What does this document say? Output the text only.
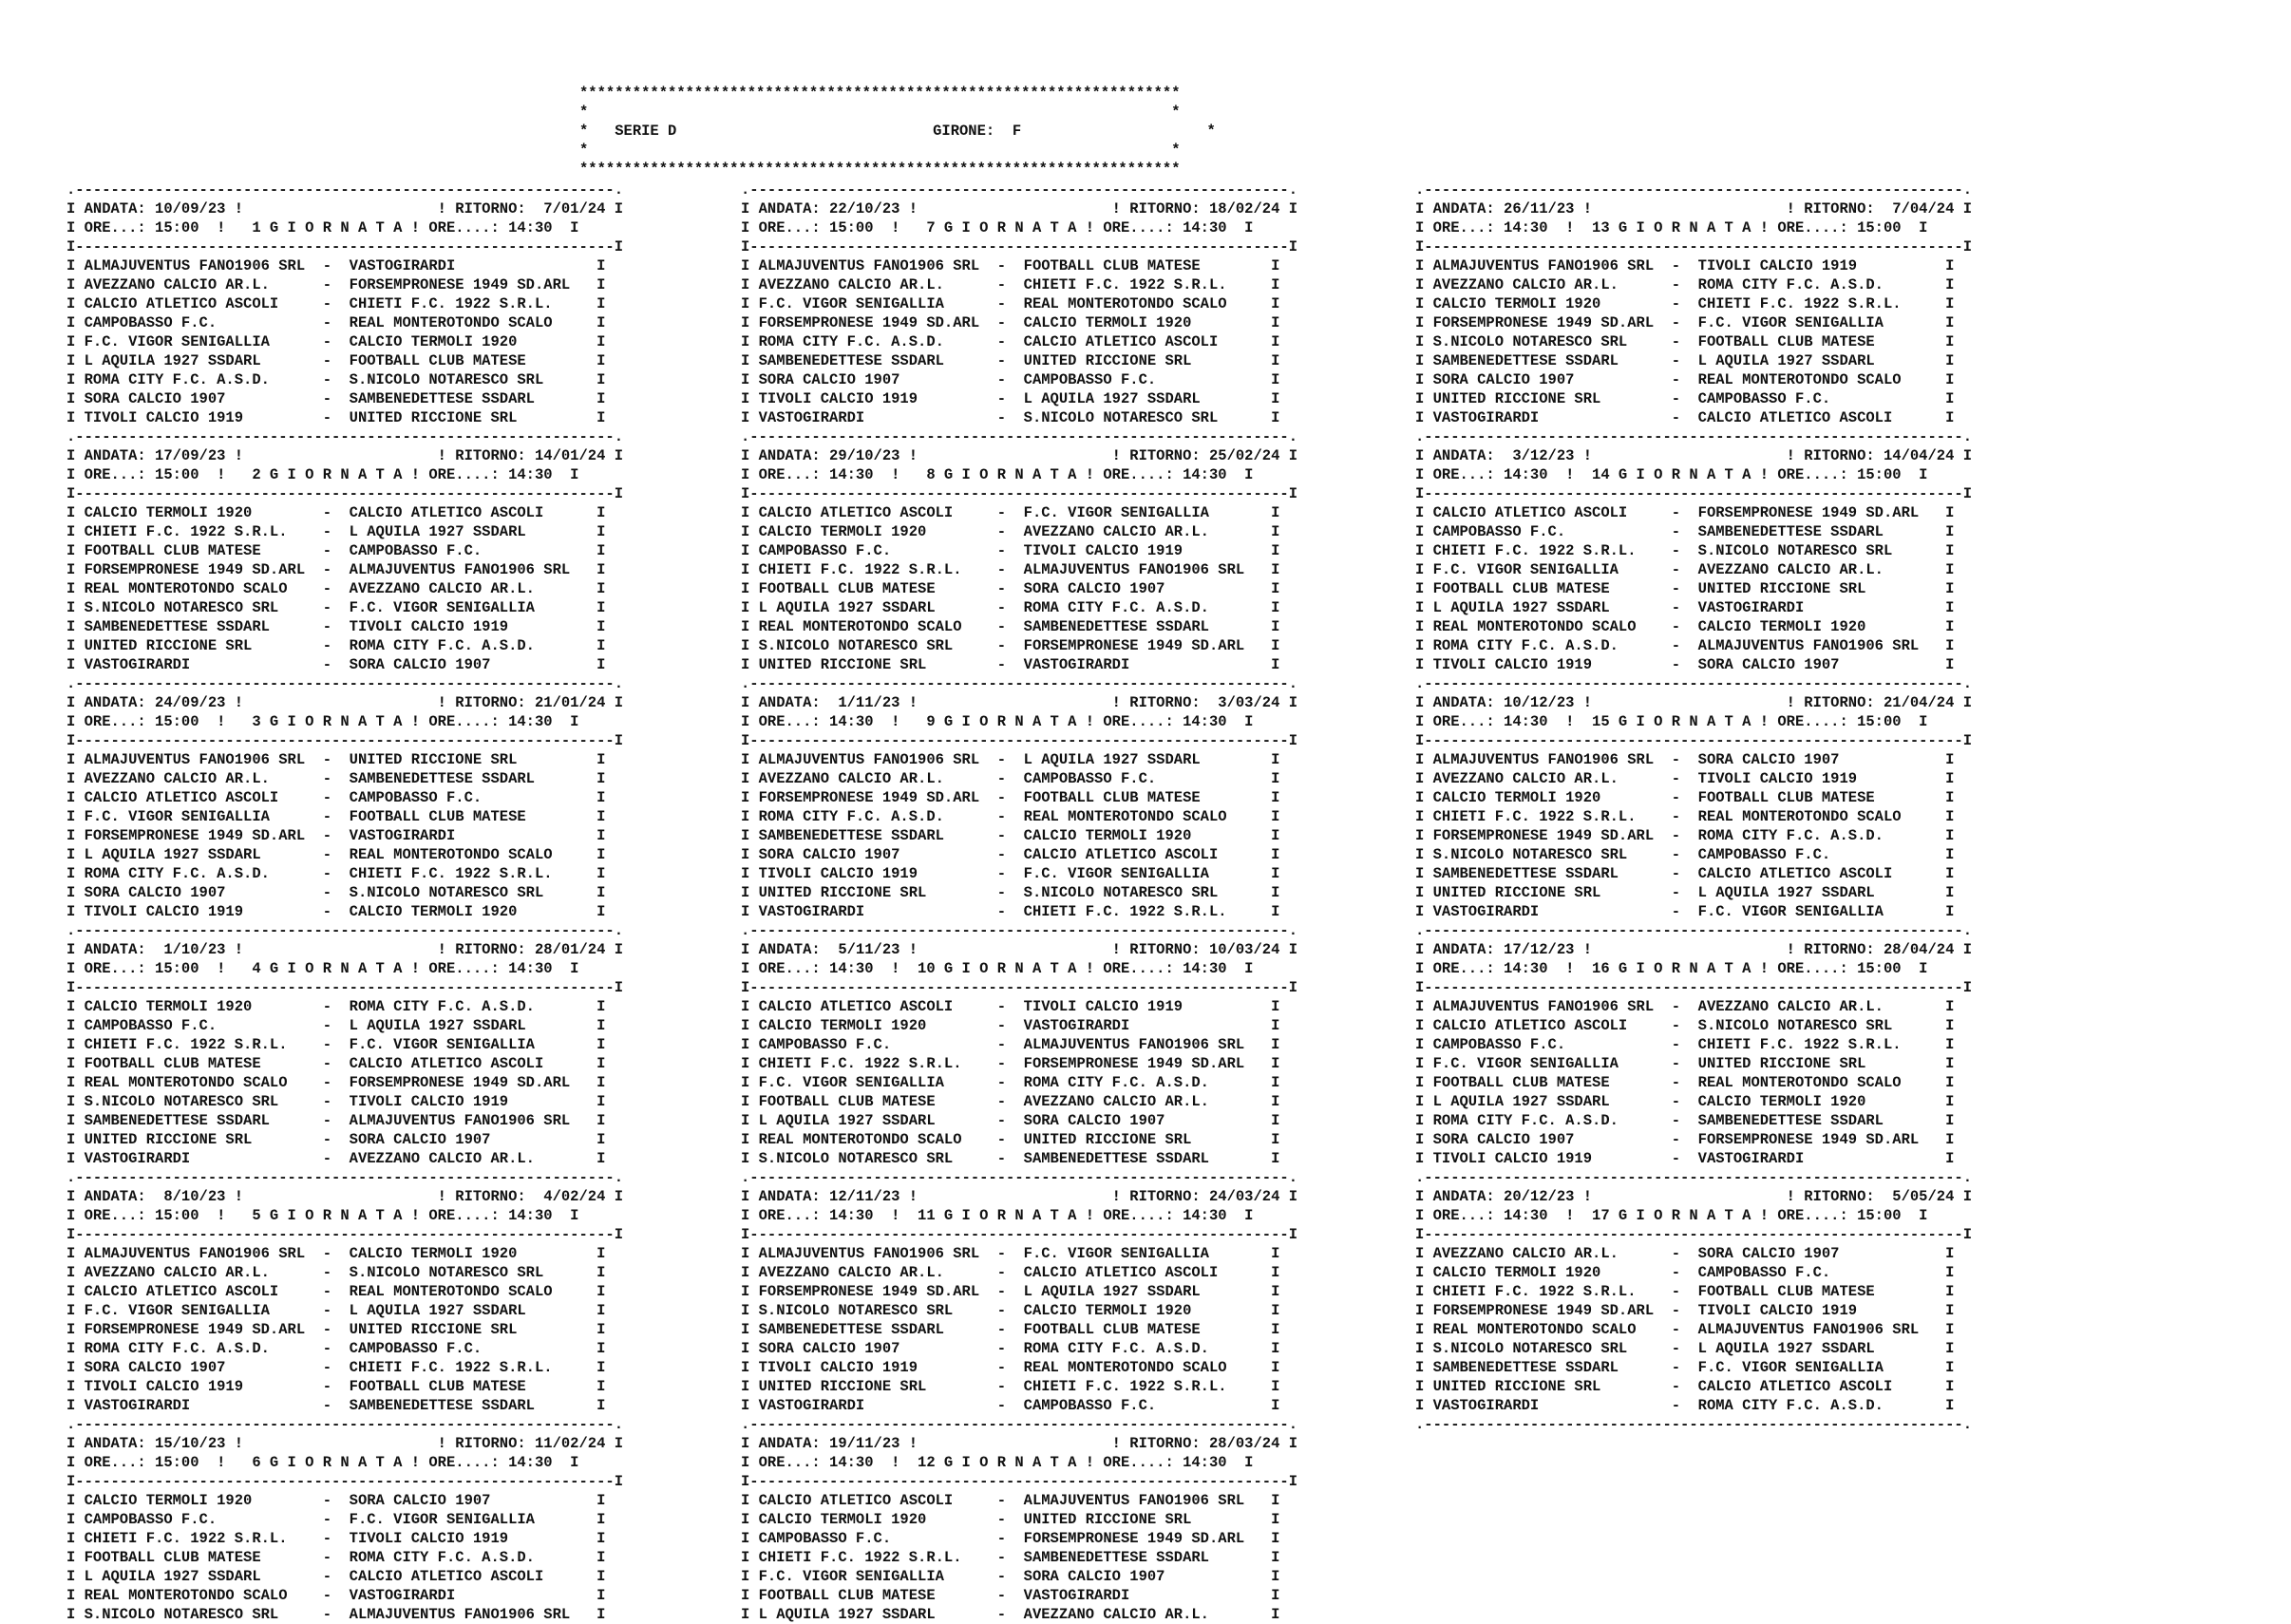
********************************************************************
*                                                                  *
*   SERIE D	GIRONE: F                     *
*                                                                  *
********************************************************************
.-------------------------------------------------------------.
I ANDATA: 10/09/23 !                      ! RITORNO:  7/01/24 I
I ORE...: 15:00  !   1 G I O R N A T A ! ORE....: 14:30  I
I-------------------------------------------------------------I
I ALMAJUVENTUS FANO1906 SRL  -  VASTOGIRARDI                I
I AVEZZANO CALCIO AR.L.      -  FORSEMPRONESE 1949 SD.ARL   I
I CALCIO ATLETICO ASCOLI     -  CHIETI F.C. 1922 S.R.L.     I
I CAMPOBASSO F.C.            -  REAL MONTEROTONDO SCALO     I
I F.C. VIGOR SENIGALLIA      -  CALCIO TERMOLI 1920         I
I L AQUILA 1927 SSDARL       -  FOOTBALL CLUB MATESE        I
I ROMA CITY F.C. A.S.D.      -  S.NICOLO NOTARESCO SRL      I
I SORA CALCIO 1907           -  SAMBENEDETTESE SSDARL       I
I TIVOLI CALCIO 1919         -  UNITED RICCIONE SRL         I
.-------------------------------------------------------------.
I ANDATA: 17/09/23 !                      ! RITORNO: 14/01/24 I
I ORE...: 15:00  !   2 G I O R N A T A ! ORE....: 14:30  I
I-------------------------------------------------------------I
I CALCIO TERMOLI 1920        -  CALCIO ATLETICO ASCOLI      I
I CHIETI F.C. 1922 S.R.L.    -  L AQUILA 1927 SSDARL        I
I FOOTBALL CLUB MATESE       -  CAMPOBASSO F.C.             I
I FORSEMPRONESE 1949 SD.ARL  -  ALMAJUVENTUS FANO1906 SRL   I
I REAL MONTEROTONDO SCALO    -  AVEZZANO CALCIO AR.L.       I
I S.NICOLO NOTARESCO SRL     -  F.C. VIGOR SENIGALLIA       I
I SAMBENEDETTESE SSDARL      -  TIVOLI CALCIO 1919          I
I UNITED RICCIONE SRL        -  ROMA CITY F.C. A.S.D.       I
I VASTOGIRARDI               -  SORA CALCIO 1907            I
.-------------------------------------------------------------.
I ANDATA: 24/09/23 !                      ! RITORNO: 21/01/24 I
I ORE...: 15:00  !   3 G I O R N A T A ! ORE....: 14:30  I
I-------------------------------------------------------------I
I ALMAJUVENTUS FANO1906 SRL  -  UNITED RICCIONE SRL         I
I AVEZZANO CALCIO AR.L.      -  SAMBENEDETTESE SSDARL       I
I CALCIO ATLETICO ASCOLI     -  CAMPOBASSO F.C.             I
I F.C. VIGOR SENIGALLIA      -  FOOTBALL CLUB MATESE        I
I FORSEMPRONESE 1949 SD.ARL  -  VASTOGIRARDI                I
I L AQUILA 1927 SSDARL       -  REAL MONTEROTONDO SCALO     I
I ROMA CITY F.C. A.S.D.      -  CHIETI F.C. 1922 S.R.L.     I
I SORA CALCIO 1907           -  S.NICOLO NOTARESCO SRL      I
I TIVOLI CALCIO 1919         -  CALCIO TERMOLI 1920         I
.-------------------------------------------------------------.
I ANDATA:  1/10/23 !                      ! RITORNO: 28/01/24 I
I ORE...: 15:00  !   4 G I O R N A T A ! ORE....: 14:30  I
I-------------------------------------------------------------I
I CALCIO TERMOLI 1920        -  ROMA CITY F.C. A.S.D.       I
I CAMPOBASSO F.C.            -  L AQUILA 1927 SSDARL        I
I CHIETI F.C. 1922 S.R.L.    -  F.C. VIGOR SENIGALLIA       I
I FOOTBALL CLUB MATESE       -  CALCIO ATLETICO ASCOLI      I
I REAL MONTEROTONDO SCALO    -  FORSEMPRONESE 1949 SD.ARL   I
I S.NICOLO NOTARESCO SRL     -  TIVOLI CALCIO 1919          I
I SAMBENEDETTESE SSDARL      -  ALMAJUVENTUS FANO1906 SRL   I
I UNITED RICCIONE SRL        -  SORA CALCIO 1907            I
I VASTOGIRARDI               -  AVEZZANO CALCIO AR.L.       I
.-------------------------------------------------------------.
I ANDATA:  8/10/23 !                      ! RITORNO:  4/02/24 I
I ORE...: 15:00  !   5 G I O R N A T A ! ORE....: 14:30  I
I-------------------------------------------------------------I
I ALMAJUVENTUS FANO1906 SRL  -  CALCIO TERMOLI 1920         I
I AVEZZANO CALCIO AR.L.      -  S.NICOLO NOTARESCO SRL      I
I CALCIO ATLETICO ASCOLI     -  REAL MONTEROTONDO SCALO     I
I F.C. VIGOR SENIGALLIA      -  L AQUILA 1927 SSDARL        I
I FORSEMPRONESE 1949 SD.ARL  -  UNITED RICCIONE SRL         I
I ROMA CITY F.C. A.S.D.      -  CAMPOBASSO F.C.             I
I SORA CALCIO 1907           -  CHIETI F.C. 1922 S.R.L.     I
I TIVOLI CALCIO 1919         -  FOOTBALL CLUB MATESE        I
I VASTOGIRARDI               -  SAMBENEDETTESE SSDARL       I
.-------------------------------------------------------------.
I ANDATA: 15/10/23 !                      ! RITORNO: 11/02/24 I
I ORE...: 15:00  !   6 G I O R N A T A ! ORE....: 14:30  I
I-------------------------------------------------------------I
I CALCIO TERMOLI 1920        -  SORA CALCIO 1907            I
I CAMPOBASSO F.C.            -  F.C. VIGOR SENIGALLIA       I
I CHIETI F.C. 1922 S.R.L.    -  TIVOLI CALCIO 1919          I
I FOOTBALL CLUB MATESE       -  ROMA CITY F.C. A.S.D.       I
I L AQUILA 1927 SSDARL       -  CALCIO ATLETICO ASCOLI      I
I REAL MONTEROTONDO SCALO    -  VASTOGIRARDI                I
I S.NICOLO NOTARESCO SRL     -  ALMAJUVENTUS FANO1906 SRL   I
.-------------------------------------------------------------.
I ANDATA: 22/10/23 !                      ! RITORNO: 18/02/24 I
I ORE...: 15:00  !   7 G I O R N A T A ! ORE....: 14:30  I
I-------------------------------------------------------------I
I ALMAJUVENTUS FANO1906 SRL  -  FOOTBALL CLUB MATESE        I
I AVEZZANO CALCIO AR.L.      -  CHIETI F.C. 1922 S.R.L.     I
I F.C. VIGOR SENIGALLIA      -  REAL MONTEROTONDO SCALO     I
I FORSEMPRONESE 1949 SD.ARL  -  CALCIO TERMOLI 1920         I
I ROMA CITY F.C. A.S.D.      -  CALCIO ATLETICO ASCOLI      I
I SAMBENEDETTESE SSDARL      -  UNITED RICCIONE SRL         I
I SORA CALCIO 1907           -  CAMPOBASSO F.C.             I
I TIVOLI CALCIO 1919         -  L AQUILA 1927 SSDARL        I
I VASTOGIRARDI               -  S.NICOLO NOTARESCO SRL      I
.-------------------------------------------------------------.
I ANDATA: 29/10/23 !                      ! RITORNO: 25/02/24 I
I ORE...: 14:30  !   8 G I O R N A T A ! ORE....: 14:30  I
I-------------------------------------------------------------I
I CALCIO ATLETICO ASCOLI     -  F.C. VIGOR SENIGALLIA       I
I CALCIO TERMOLI 1920        -  AVEZZANO CALCIO AR.L.       I
I CAMPOBASSO F.C.            -  TIVOLI CALCIO 1919          I
I CHIETI F.C. 1922 S.R.L.    -  ALMAJUVENTUS FANO1906 SRL   I
I FOOTBALL CLUB MATESE       -  SORA CALCIO 1907            I
I L AQUILA 1927 SSDARL       -  ROMA CITY F.C. A.S.D.       I
I REAL MONTEROTONDO SCALO    -  SAMBENEDETTESE SSDARL       I
I S.NICOLO NOTARESCO SRL     -  FORSEMPRONESE 1949 SD.ARL   I
I UNITED RICCIONE SRL        -  VASTOGIRARDI                I
.-------------------------------------------------------------.
I ANDATA:  1/11/23 !                      ! RITORNO:  3/03/24 I
I ORE...: 14:30  !   9 G I O R N A T A ! ORE....: 14:30  I
I-------------------------------------------------------------I
I ALMAJUVENTUS FANO1906 SRL  -  L AQUILA 1927 SSDARL        I
I AVEZZANO CALCIO AR.L.      -  CAMPOBASSO F.C.             I
I FORSEMPRONESE 1949 SD.ARL  -  FOOTBALL CLUB MATESE        I
I ROMA CITY F.C. A.S.D.      -  REAL MONTEROTONDO SCALO     I
I SAMBENEDETTESE SSDARL      -  CALCIO TERMOLI 1920         I
I SORA CALCIO 1907           -  CALCIO ATLETICO ASCOLI      I
I TIVOLI CALCIO 1919         -  F.C. VIGOR SENIGALLIA       I
I UNITED RICCIONE SRL        -  S.NICOLO NOTARESCO SRL      I
I VASTOGIRARDI               -  CHIETI F.C. 1922 S.R.L.     I
.-------------------------------------------------------------.
I ANDATA:  5/11/23 !                      ! RITORNO: 10/03/24 I
I ORE...: 14:30  !  10 G I O R N A T A ! ORE....: 14:30  I
I-------------------------------------------------------------I
I CALCIO ATLETICO ASCOLI     -  TIVOLI CALCIO 1919          I
I CALCIO TERMOLI 1920        -  VASTOGIRARDI                I
I CAMPOBASSO F.C.            -  ALMAJUVENTUS FANO1906 SRL   I
I CHIETI F.C. 1922 S.R.L.    -  FORSEMPRONESE 1949 SD.ARL   I
I F.C. VIGOR SENIGALLIA      -  ROMA CITY F.C. A.S.D.       I
I FOOTBALL CLUB MATESE       -  AVEZZANO CALCIO AR.L.       I
I L AQUILA 1927 SSDARL       -  SORA CALCIO 1907            I
I REAL MONTEROTONDO SCALO    -  UNITED RICCIONE SRL         I
I S.NICOLO NOTARESCO SRL     -  SAMBENEDETTESE SSDARL       I
.-------------------------------------------------------------.
I ANDATA: 12/11/23 !                      ! RITORNO: 24/03/24 I
I ORE...: 14:30  !  11 G I O R N A T A ! ORE....: 14:30  I
I-------------------------------------------------------------I
I ALMAJUVENTUS FANO1906 SRL  -  F.C. VIGOR SENIGALLIA       I
I AVEZZANO CALCIO AR.L.      -  CALCIO ATLETICO ASCOLI      I
I FORSEMPRONESE 1949 SD.ARL  -  L AQUILA 1927 SSDARL        I
I S.NICOLO NOTARESCO SRL     -  CALCIO TERMOLI 1920         I
I SAMBENEDETTESE SSDARL      -  FOOTBALL CLUB MATESE        I
I SORA CALCIO 1907           -  ROMA CITY F.C. A.S.D.       I
I TIVOLI CALCIO 1919         -  REAL MONTEROTONDO SCALO     I
I UNITED RICCIONE SRL        -  CHIETI F.C. 1922 S.R.L.     I
I VASTOGIRARDI               -  CAMPOBASSO F.C.             I
.-------------------------------------------------------------.
I ANDATA: 19/11/23 !                      ! RITORNO: 28/03/24 I
I ORE...: 14:30  !  12 G I O R N A T A ! ORE....: 14:30  I
I-------------------------------------------------------------I
I CALCIO ATLETICO ASCOLI     -  ALMAJUVENTUS FANO1906 SRL   I
I CALCIO TERMOLI 1920        -  UNITED RICCIONE SRL         I
I CAMPOBASSO F.C.            -  FORSEMPRONESE 1949 SD.ARL   I
I CHIETI F.C. 1922 S.R.L.    -  SAMBENEDETTESE SSDARL       I
I F.C. VIGOR SENIGALLIA      -  SORA CALCIO 1907            I
I FOOTBALL CLUB MATESE       -  VASTOGIRARDI                I
I L AQUILA 1927 SSDARL       -  AVEZZANO CALCIO AR.L.       I
.-------------------------------------------------------------.
I ANDATA: 26/11/23 !                      ! RITORNO:  7/04/24 I
I ORE...: 14:30  !  13 G I O R N A T A ! ORE....: 15:00  I
I-------------------------------------------------------------I
I ALMAJUVENTUS FANO1906 SRL  -  TIVOLI CALCIO 1919          I
I AVEZZANO CALCIO AR.L.      -  ROMA CITY F.C. A.S.D.       I
I CALCIO TERMOLI 1920        -  CHIETI F.C. 1922 S.R.L.     I
I FORSEMPRONESE 1949 SD.ARL  -  F.C. VIGOR SENIGALLIA       I
I S.NICOLO NOTARESCO SRL     -  FOOTBALL CLUB MATESE        I
I SAMBENEDETTESE SSDARL      -  L AQUILA 1927 SSDARL        I
I SORA CALCIO 1907           -  REAL MONTEROTONDO SCALO     I
I UNITED RICCIONE SRL        -  CAMPOBASSO F.C.             I
I VASTOGIRARDI               -  CALCIO ATLETICO ASCOLI      I
.-------------------------------------------------------------.
I ANDATA:  3/12/23 !                      ! RITORNO: 14/04/24 I
I ORE...: 14:30  !  14 G I O R N A T A ! ORE....: 15:00  I
I-------------------------------------------------------------I
I CALCIO ATLETICO ASCOLI     -  FORSEMPRONESE 1949 SD.ARL   I
I CAMPOBASSO F.C.            -  SAMBENEDETTESE SSDARL       I
I CHIETI F.C. 1922 S.R.L.    -  S.NICOLO NOTARESCO SRL      I
I F.C. VIGOR SENIGALLIA      -  AVEZZANO CALCIO AR.L.       I
I FOOTBALL CLUB MATESE       -  UNITED RICCIONE SRL         I
I L AQUILA 1927 SSDARL       -  VASTOGIRARDI                I
I REAL MONTEROTONDO SCALO    -  CALCIO TERMOLI 1920         I
I ROMA CITY F.C. A.S.D.      -  ALMAJUVENTUS FANO1906 SRL   I
I TIVOLI CALCIO 1919         -  SORA CALCIO 1907            I
.-------------------------------------------------------------.
I ANDATA: 10/12/23 !                      ! RITORNO: 21/04/24 I
I ORE...: 14:30  !  15 G I O R N A T A ! ORE....: 15:00  I
I-------------------------------------------------------------I
I ALMAJUVENTUS FANO1906 SRL  -  SORA CALCIO 1907            I
I AVEZZANO CALCIO AR.L.      -  TIVOLI CALCIO 1919          I
I CALCIO TERMOLI 1920        -  FOOTBALL CLUB MATESE        I
I CHIETI F.C. 1922 S.R.L.    -  REAL MONTEROTONDO SCALO     I
I FORSEMPRONESE 1949 SD.ARL  -  ROMA CITY F.C. A.S.D.       I
I S.NICOLO NOTARESCO SRL     -  CAMPOBASSO F.C.             I
I SAMBENEDETTESE SSDARL      -  CALCIO ATLETICO ASCOLI      I
I UNITED RICCIONE SRL        -  L AQUILA 1927 SSDARL        I
I VASTOGIRARDI               -  F.C. VIGOR SENIGALLIA       I
.-------------------------------------------------------------.
I ANDATA: 17/12/23 !                      ! RITORNO: 28/04/24 I
I ORE...: 14:30  !  16 G I O R N A T A ! ORE....: 15:00  I
I-------------------------------------------------------------I
I ALMAJUVENTUS FANO1906 SRL  -  AVEZZANO CALCIO AR.L.       I
I CALCIO ATLETICO ASCOLI     -  S.NICOLO NOTARESCO SRL      I
I CAMPOBASSO F.C.            -  CHIETI F.C. 1922 S.R.L.     I
I F.C. VIGOR SENIGALLIA      -  UNITED RICCIONE SRL         I
I FOOTBALL CLUB MATESE       -  REAL MONTEROTONDO SCALO     I
I L AQUILA 1927 SSDARL       -  CALCIO TERMOLI 1920         I
I ROMA CITY F.C. A.S.D.      -  SAMBENEDETTESE SSDARL       I
I SORA CALCIO 1907           -  FORSEMPRONESE 1949 SD.ARL   I
I TIVOLI CALCIO 1919         -  VASTOGIRARDI                I
.-------------------------------------------------------------.
I ANDATA: 20/12/23 !                      ! RITORNO:  5/05/24 I
I ORE...: 14:30  !  17 G I O R N A T A ! ORE....: 15:00  I
I-------------------------------------------------------------I
I AVEZZANO CALCIO AR.L.      -  SORA CALCIO 1907            I
I CALCIO TERMOLI 1920        -  CAMPOBASSO F.C.             I
I CHIETI F.C. 1922 S.R.L.    -  FOOTBALL CLUB MATESE        I
I FORSEMPRONESE 1949 SD.ARL  -  TIVOLI CALCIO 1919          I
I REAL MONTEROTONDO SCALO    -  ALMAJUVENTUS FANO1906 SRL   I
I S.NICOLO NOTARESCO SRL     -  L AQUILA 1927 SSDARL        I
I SAMBENEDETTESE SSDARL      -  F.C. VIGOR SENIGALLIA       I
I UNITED RICCIONE SRL        -  CALCIO ATLETICO ASCOLI      I
I VASTOGIRARDI               -  ROMA CITY F.C. A.S.D.       I
.-------------------------------------------------------------.
